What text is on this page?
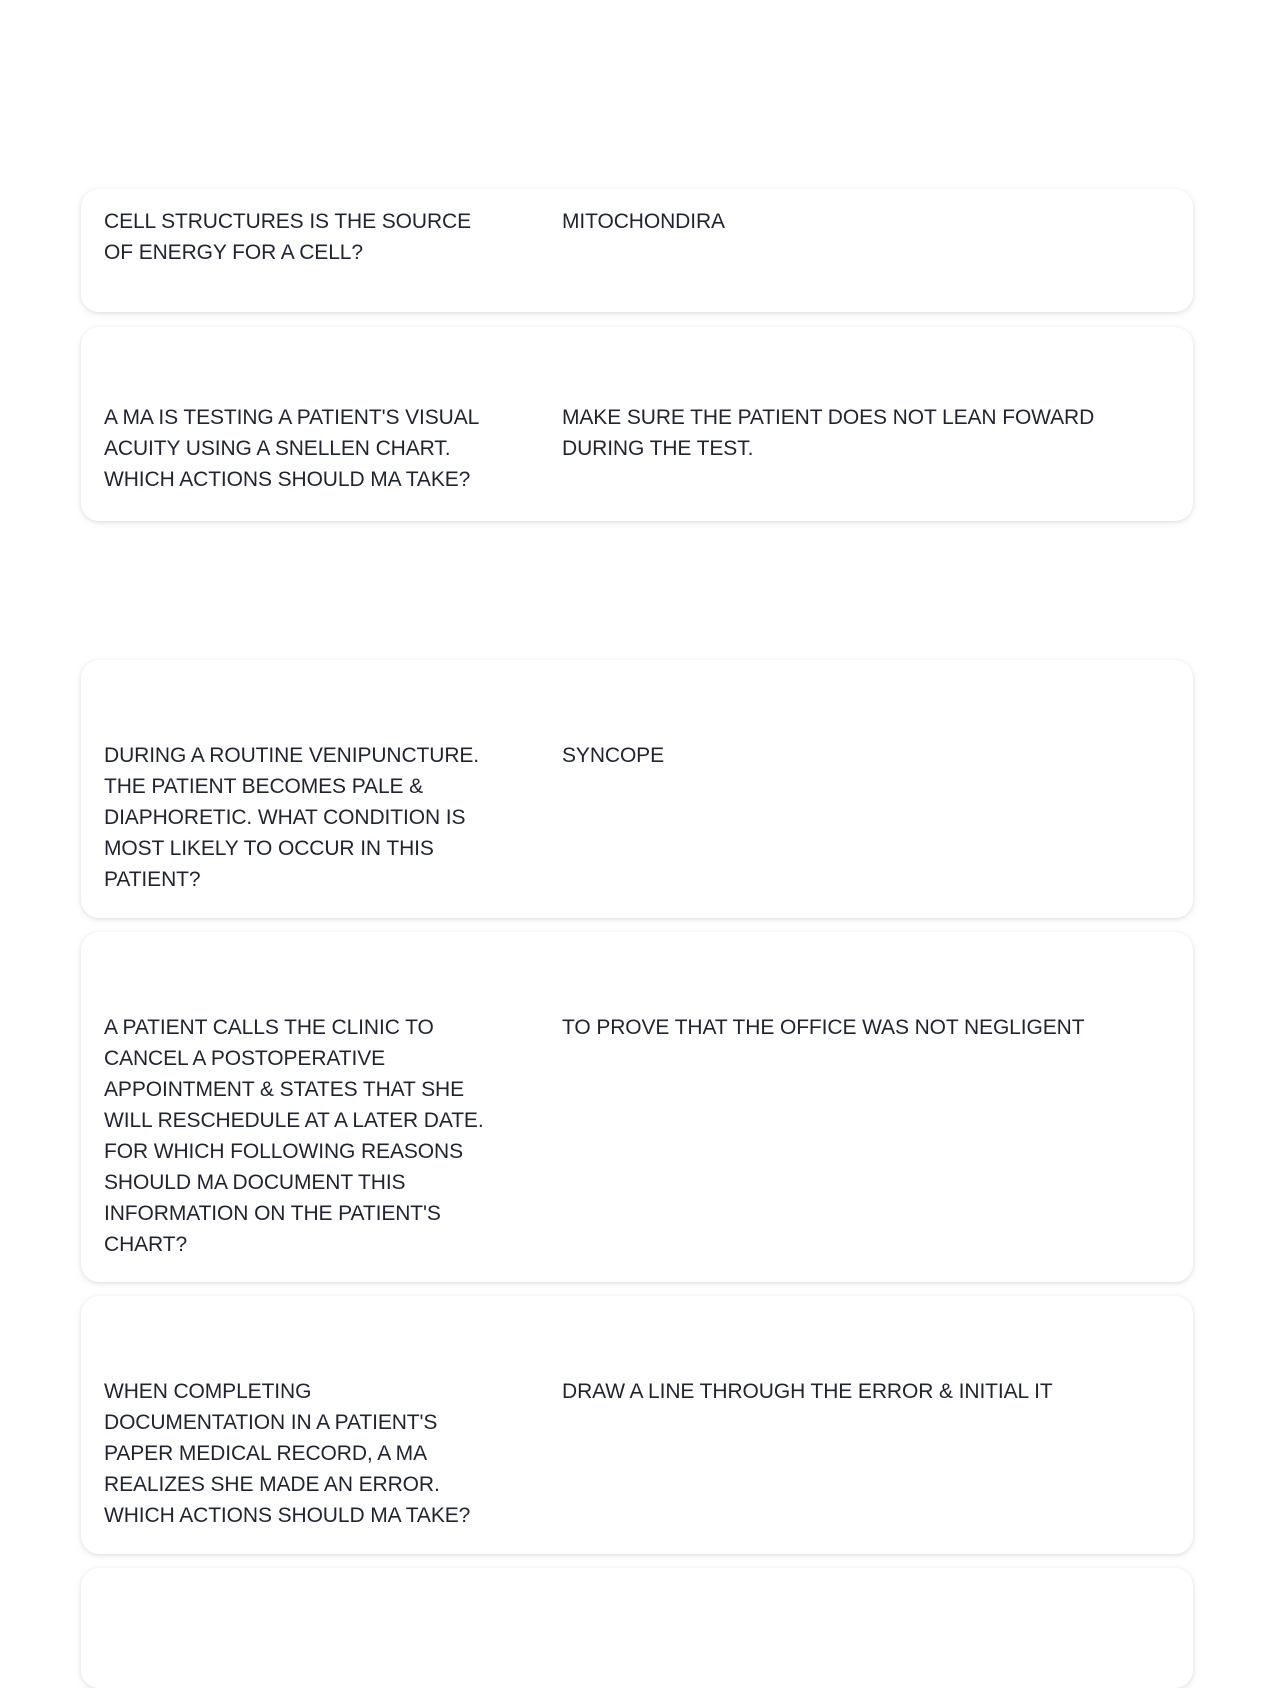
CELL STRUCTURES IS THE SOURCE
OF ENERGY FOR A CELL?
MITOCHONDIRA
A MA IS TESTING A PATIENT'S VISUAL
ACUITY USING A SNELLEN CHART.
WHICH ACTIONS SHOULD MA TAKE?
MAKE SURE THE PATIENT DOES NOT LEAN FOWARD
DURING THE TEST.
DURING A ROUTINE VENIPUNCTURE.
THE PATIENT BECOMES PALE &
DIAPHORETIC. WHAT CONDITION IS
MOST LIKELY TO OCCUR IN THIS
PATIENT?
SYNCOPE
A PATIENT CALLS THE CLINIC TO
CANCEL A POSTOPERATIVE
APPOINTMENT & STATES THAT SHE
WILL RESCHEDULE AT A LATER DATE.
FOR WHICH FOLLOWING REASONS
SHOULD MA DOCUMENT THIS
INFORMATION ON THE PATIENT'S
CHART?
TO PROVE THAT THE OFFICE WAS NOT NEGLIGENT
WHEN COMPLETING
DOCUMENTATION IN A PATIENT'S
PAPER MEDICAL RECORD, A MA
REALIZES SHE MADE AN ERROR.
WHICH ACTIONS SHOULD MA TAKE?
DRAW A LINE THROUGH THE ERROR & INITIAL IT
